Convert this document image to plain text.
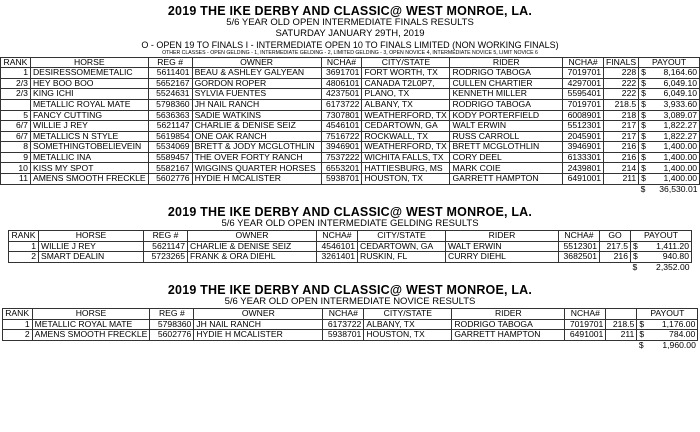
2019 THE IKE DERBY AND CLASSIC@ WEST MONROE, LA.
5/6 YEAR OLD OPEN INTERMEDIATE FINALS RESULTS
SATURDAY JANUARY 29TH, 2019
O - OPEN 19 TO FINALS I - INTERMEDIATE OPEN 10 TO FINALS LIMITED (NON WORKING FINALS)
OTHER CLASSES - OPEN GELDING - 1, INTERMEDIATE GELDING - 2, LIMITED GELDING - 3, OPEN NOVICE 4, INTERMEDIATE NOVICE 5, LIMIT NOVICE 6
RANK	HORSE	REG #	OWNER	NCHA#	CITY/STATE	RIDER	NCHA#	FINALS	PAYOUT	
1	DESIRESSOMEMETALIC	5611401	BEAU & ASHLEY GALYEAN	3691701	FORT WORTH, TX	RODRIGO TABOGA	7019701	228	$	8,164.60
2/3	HEY BOO BOO	5652167	GORDON ROPER	4806101	CANADA T2L0P7,	CULLEN CHARTIER	4297001	222	$	6,049.10
2/3	KING ICHI	5524631	SYLVIA FUENTES	4237501	PLANO, TX	KENNETH MILLER	5595401	222	$	6,049.10
	METALLIC ROYAL MATE	5798360	JH NAIL RANCH	6173722	ALBANY, TX	RODRIGO TABOGA	7019701	218.5	$	3,933.60
5	FANCY CUTTING	5636363	SADIE WATKINS	7307801	WEATHERFORD, TX	KODY PORTERFIELD	6008901	218	$	3,089.07
6/7	WILLIE J REY	5621147	CHARLIE & DENISE SEIZ	4546101	CEDARTOWN, GA	WALT ERWIN	5512301	217	$	1,822.27
6/7	METALLICS N STYLE	5619854	ONE OAK RANCH	7516722	ROCKWALL, TX	RUSS CARROLL	2045901	217	$	1,822.27
8	SOMETHINGTOBELIEVEIN	5534069	BRETT & JODY MCGLOTHLIN	3946901	WEATHERFORD, TX	BRETT MCGLOTHLIN	3946901	216	$	1,400.00
9	METALLIC INA	5589457	THE OVER FORTY RANCH	7537222	WICHITA FALLS, TX	CORY DEEL	6133301	216	$	1,400.00
10	KISS MY SPOT	5582167	WIGGINS QUARTER HORSES	6553201	HATTIESBURG, MS	MARK COIE	2439801	214	$	1,400.00
11	AMENS SMOOTH FRECKLE	5602776	HYDIE H MCALISTER	5938701	HOUSTON, TX	GARRETT HAMPTON	6491001	211	$	1,400.00
									$	36,530.01
2019 THE IKE DERBY AND CLASSIC@ WEST MONROE, LA.
5/6 YEAR OLD OPEN INTERMEDIATE GELDING RESULTS
RANK	HORSE	REG #	OWNER	NCHA#	CITY/STATE	RIDER	NCHA#	GO	PAYOUT	
1	WILLIE J REY	5621147	CHARLIE & DENISE SEIZ	4546101	CEDARTOWN, GA	WALT ERWIN	5512301	217.5	$	1,411.20
2	SMART DEALIN	5723265	FRANK & ORA DIEHL	3261401	RUSKIN, FL	CURRY DIEHL	3682501	216	$	940.80
									$	2,352.00
2019 THE IKE DERBY AND CLASSIC@ WEST MONROE, LA.
5/6 YEAR OLD OPEN INTERMEDIATE NOVICE RESULTS
RANK	HORSE	REG #	OWNER	NCHA#	CITY/STATE	RIDER	NCHA#		PAYOUT	
1	METALLIC ROYAL MATE	5798360	JH NAIL RANCH	6173722	ALBANY, TX	RODRIGO TABOGA	7019701	218.5	$	1,176.00
2	AMENS SMOOTH FRECKLE	5602776	HYDIE H MCALISTER	5938701	HOUSTON, TX	GARRETT HAMPTON	6491001	211	$	784.00
									$	1,960.00
